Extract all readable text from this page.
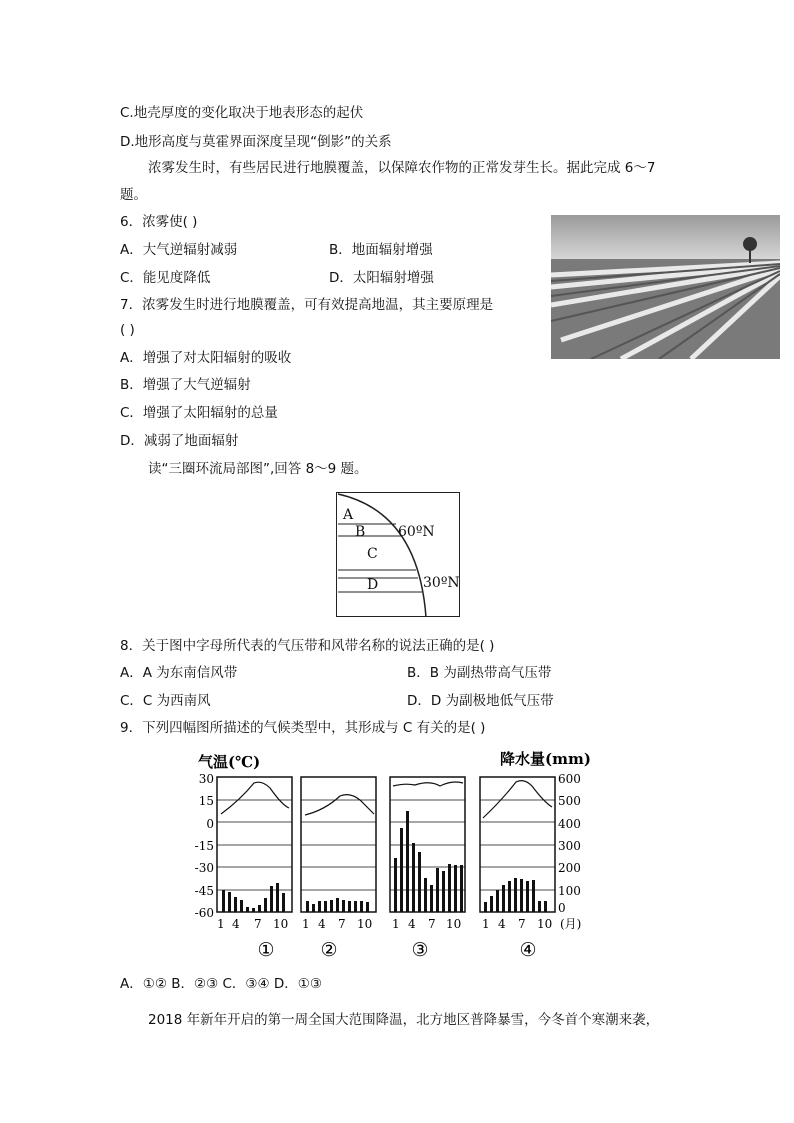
C.地壳厚度的变化取决于地表形态的起伏
D.地形高度与莫霍界面深度呈现“倒影”的关系
浓雾发生时，有些居民进行地膜覆盖，以保障农作物的正常发芽生长。据此完成 6～7
题。
6．浓雾使( )
A．大气逆辐射减弱	B．地面辐射增强
C．能见度降低	D．太阳辐射增强
7．浓雾发生时进行地膜覆盖，可有效提高地温，其主要原理是
( )
A．增强了对太阳辐射的吸收
B．增强了大气逆辐射
C．增强了太阳辐射的总量
D．减弱了地面辐射
读“三圈环流局部图”,回答 8～9 题。
A
B
C
D
60ºN
30ºN
8．关于图中字母所代表的气压带和风带名称的说法正确的是( )
A．A 为东南信风带	B．B 为副热带高气压带
C．C 为西南风	D．D 为副极地低气压带
9．下列四幅图所描述的气候类型中，其形成与 C 有关的是( )
气温(℃)	降水量(mm)
30
15
0
-15
-30
-45
-60
600
500
400
300
200
100
0
1 4 7 10 1 4 7 10 1 4 7 10 1 4 7 10 (月)
① ②	③	④
A．①② B．②③ C．③④ D．①③
2018 年新年开启的第一周全国大范围降温，北方地区普降暴雪，今冬首个寒潮来袭，
